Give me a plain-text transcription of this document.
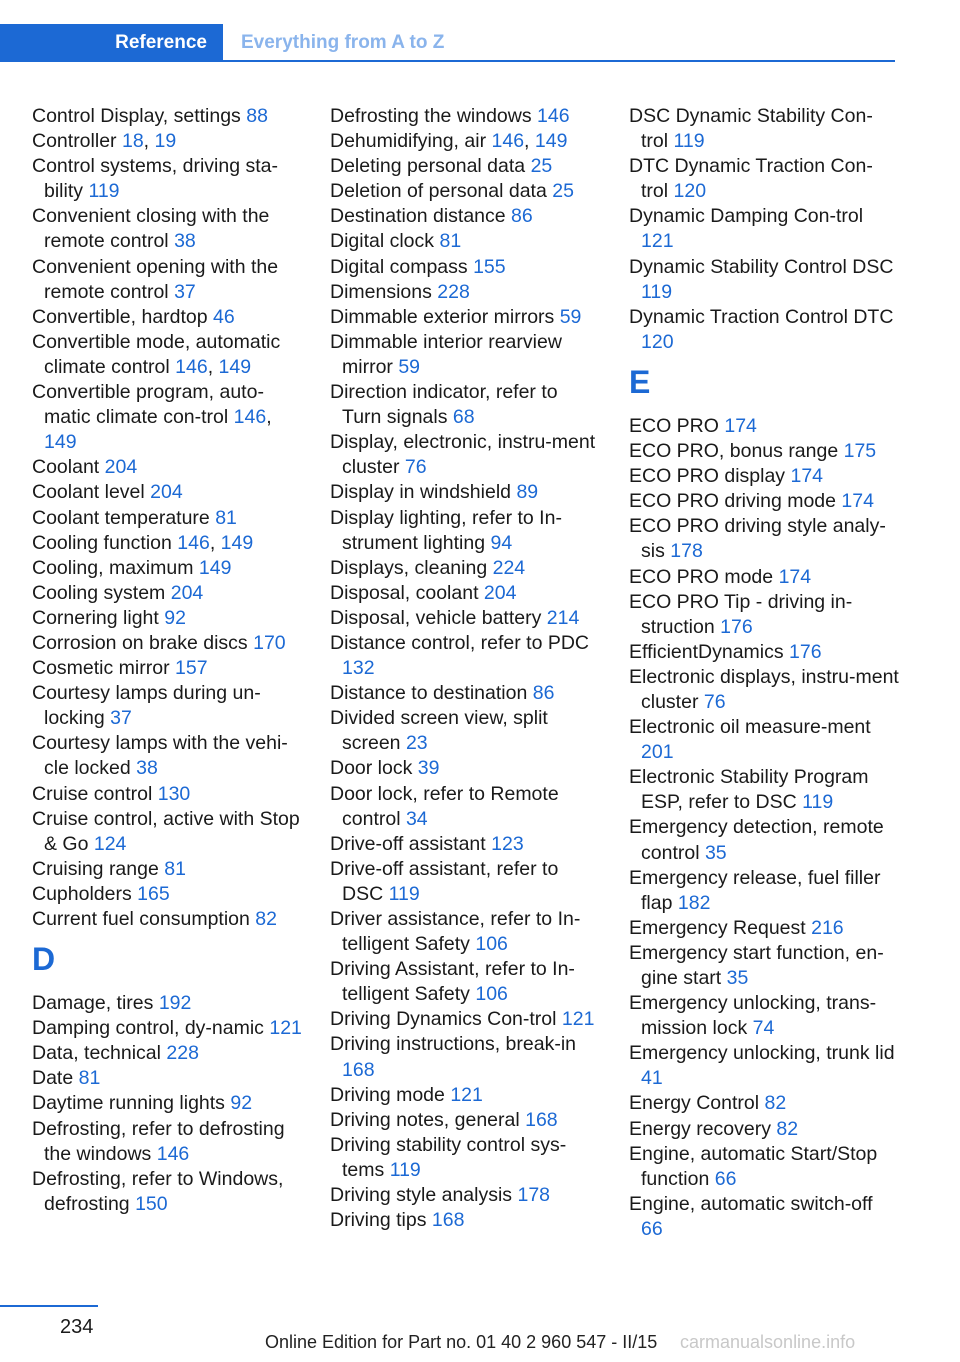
Reference	Everything from A to Z
Control Display, settings 88
Controller 18, 19
Control systems, driving sta-bility 119
Convenient closing with the remote control 38
Convenient opening with the remote control 37
Convertible, hardtop 46
Convertible mode, automatic climate control 146, 149
Convertible program, auto-matic climate con-trol 146, 149
Coolant 204
Coolant level 204
Coolant temperature 81
Cooling function 146, 149
Cooling, maximum 149
Cooling system 204
Cornering light 92
Corrosion on brake discs 170
Cosmetic mirror 157
Courtesy lamps during un-locking 37
Courtesy lamps with the vehi-cle locked 38
Cruise control 130
Cruise control, active with Stop & Go 124
Cruising range 81
Cupholders 165
Current fuel consumption 82
D
Damage, tires 192
Damping control, dy-namic 121
Data, technical 228
Date 81
Daytime running lights 92
Defrosting, refer to defrosting the windows 146
Defrosting, refer to Windows, defrosting 150
Defrosting the windows 146
Dehumidifying, air 146, 149
Deleting personal data 25
Deletion of personal data 25
Destination distance 86
Digital clock 81
Digital compass 155
Dimensions 228
Dimmable exterior mirrors 59
Dimmable interior rearview mirror 59
Direction indicator, refer to Turn signals 68
Display, electronic, instru-ment cluster 76
Display in windshield 89
Display lighting, refer to In-strument lighting 94
Displays, cleaning 224
Disposal, coolant 204
Disposal, vehicle battery 214
Distance control, refer to PDC 132
Distance to destination 86
Divided screen view, split screen 23
Door lock 39
Door lock, refer to Remote control 34
Drive-off assistant 123
Drive-off assistant, refer to DSC 119
Driver assistance, refer to In-telligent Safety 106
Driving Assistant, refer to In-telligent Safety 106
Driving Dynamics Con-trol 121
Driving instructions, break-in 168
Driving mode 121
Driving notes, general 168
Driving stability control sys-tems 119
Driving style analysis 178
Driving tips 168
DSC Dynamic Stability Con-trol 119
DTC Dynamic Traction Con-trol 120
Dynamic Damping Con-trol 121
Dynamic Stability Control DSC 119
Dynamic Traction Control DTC 120
E
ECO PRO 174
ECO PRO, bonus range 175
ECO PRO display 174
ECO PRO driving mode 174
ECO PRO driving style analy-sis 178
ECO PRO mode 174
ECO PRO Tip - driving in-struction 176
EfficientDynamics 176
Electronic displays, instru-ment cluster 76
Electronic oil measure-ment 201
Electronic Stability Program ESP, refer to DSC 119
Emergency detection, remote control 35
Emergency release, fuel filler flap 182
Emergency Request 216
Emergency start function, en-gine start 35
Emergency unlocking, trans-mission lock 74
Emergency unlocking, trunk lid 41
Energy Control 82
Energy recovery 82
Engine, automatic Start/Stop function 66
Engine, automatic switch-off 66
234
Online Edition for Part no. 01 40 2 960 547 - II/15 carmanualsonline.info
